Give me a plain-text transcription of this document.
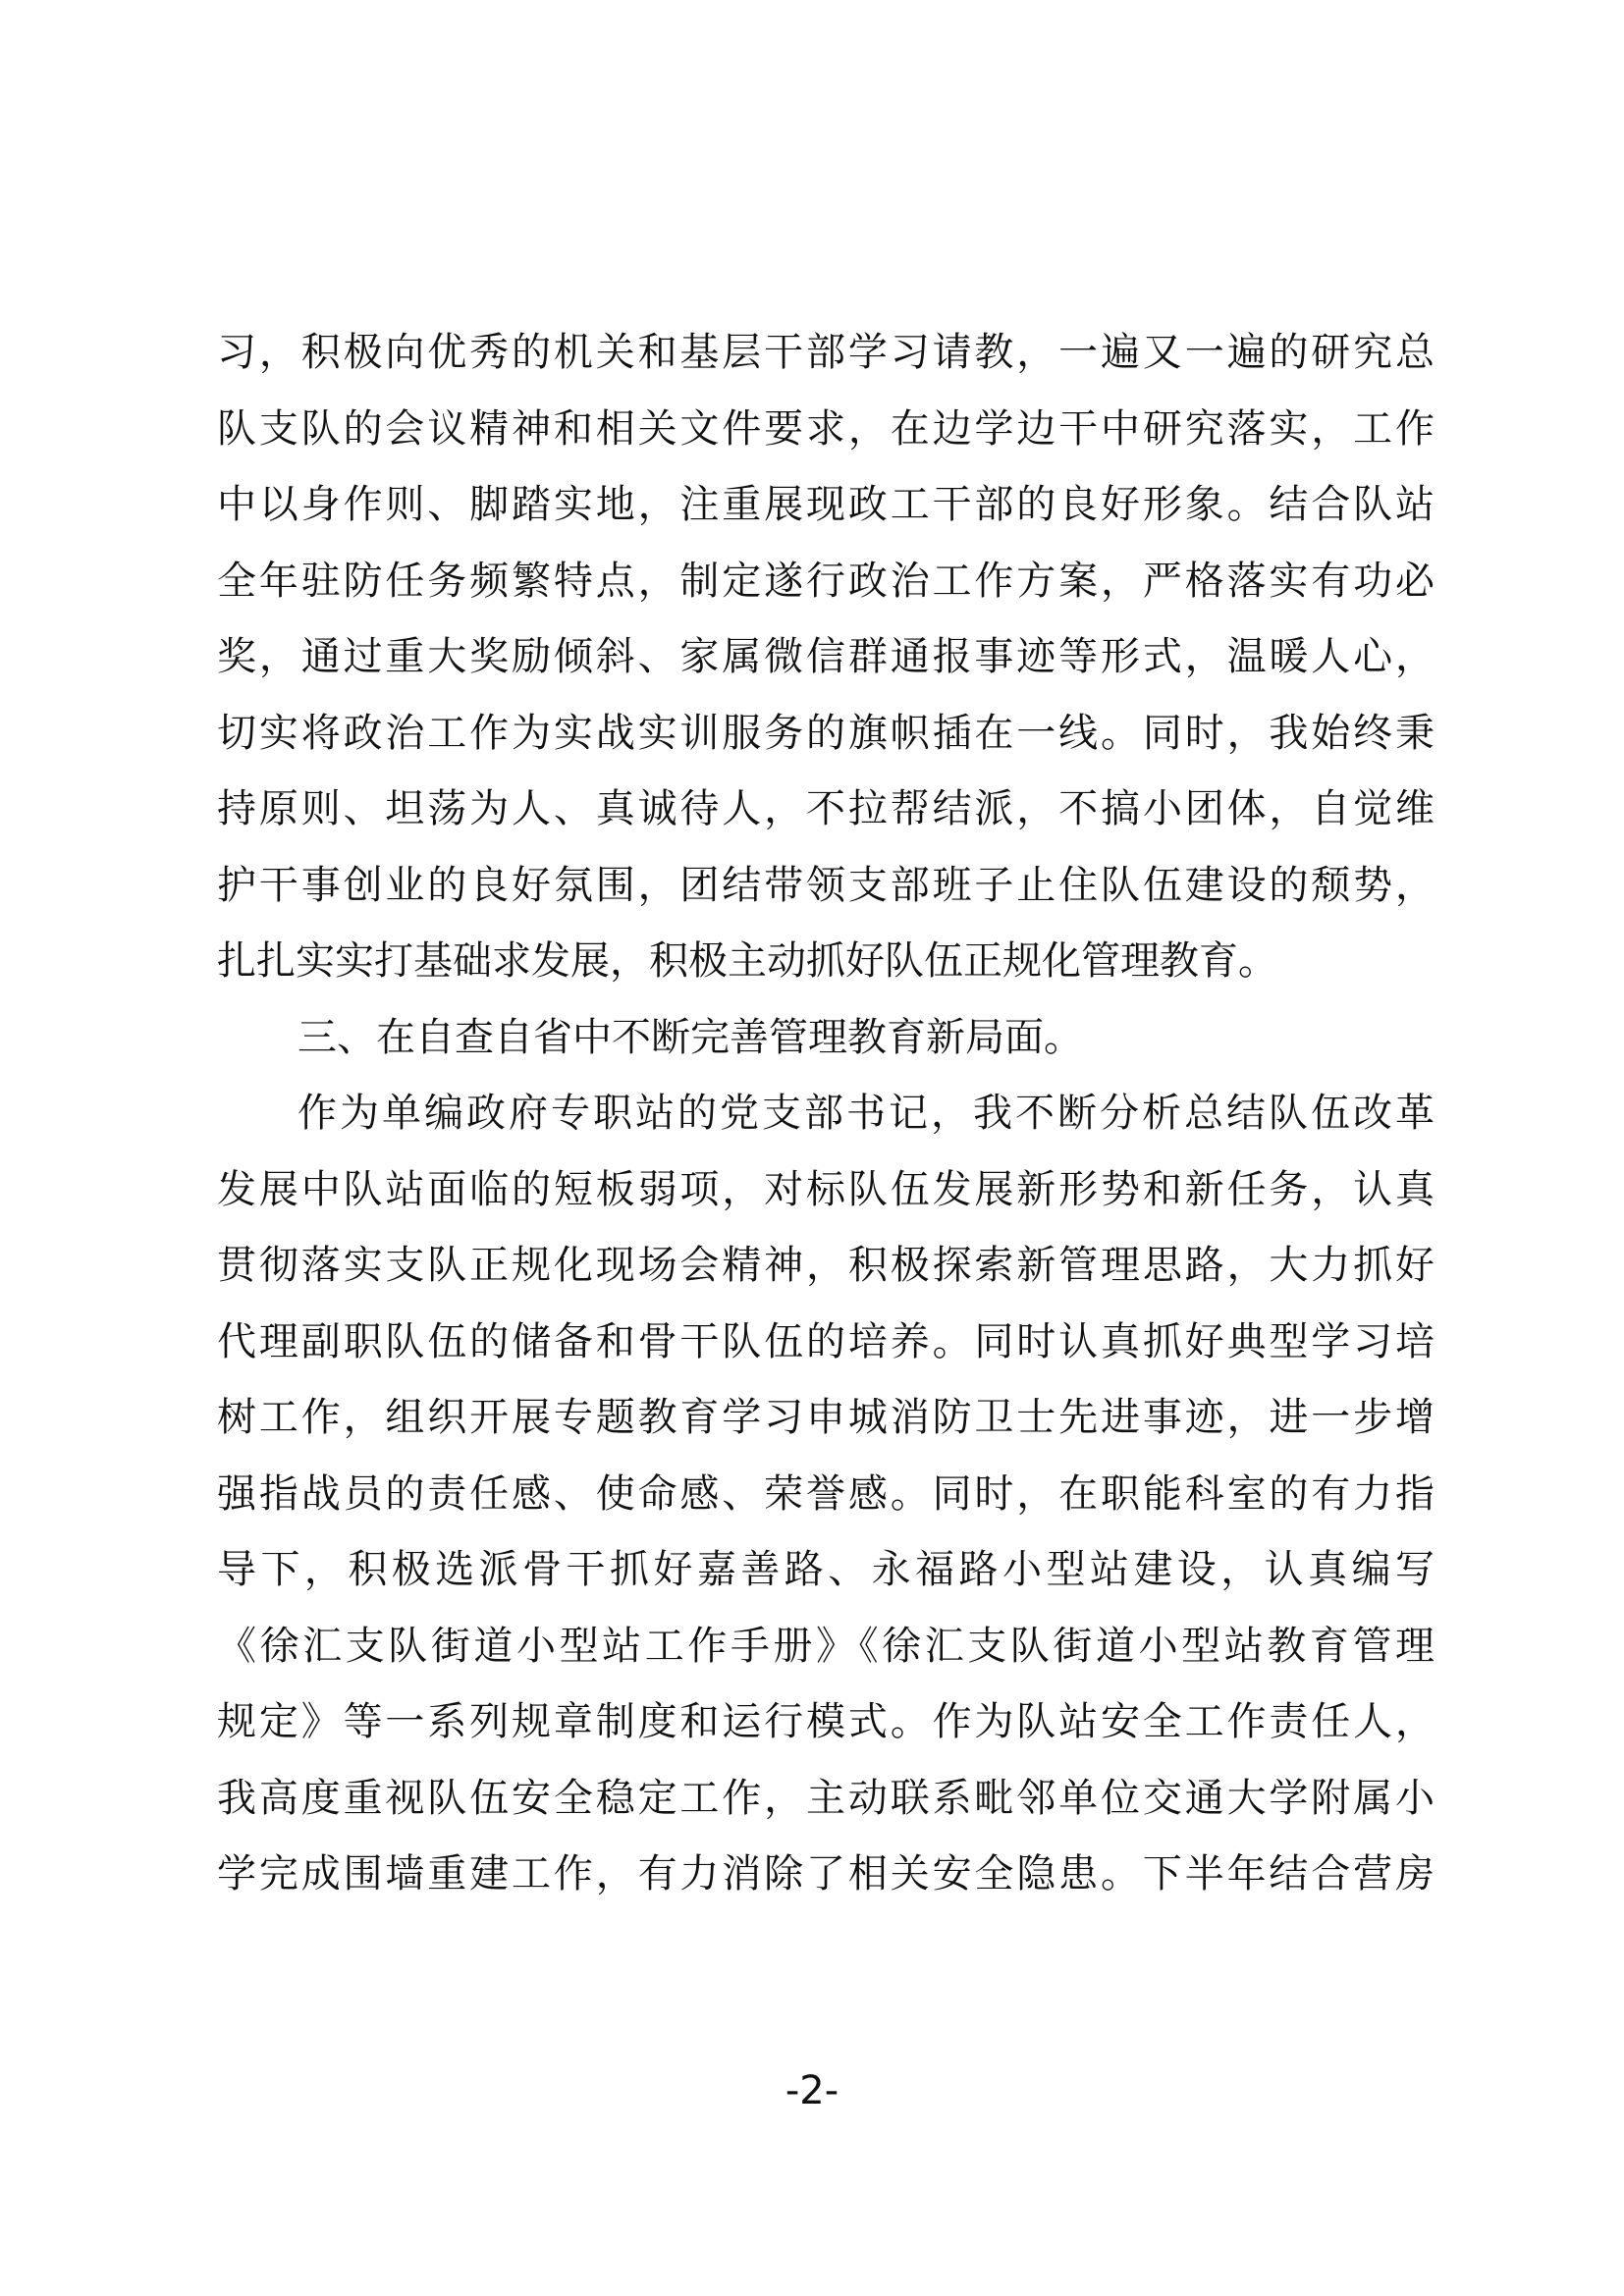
习，积极向优秀的机关和基层干部学习请教，一遍又一遍的研究总
队支队的会议精神和相关文件要求，在边学边干中研究落实，工作
中以身作则、脚踏实地，注重展现政工干部的良好形象。结合队站
全年驻防任务频繁特点，制定遂行政治工作方案，严格落实有功必
奖，通过重大奖励倾斜、家属微信群通报事迹等形式，温暖人心，
切实将政治工作为实战实训服务的旗帜插在一线。同时，我始终秉
持原则、坦荡为人、真诚待人，不拉帮结派，不搞小团体，自觉维
护干事创业的良好氛围，团结带领支部班子止住队伍建设的颓势，
扎扎实实打基础求发展，积极主动抓好队伍正规化管理教育。
三、在自查自省中不断完善管理教育新局面。
作为单编政府专职站的党支部书记，我不断分析总结队伍改革
发展中队站面临的短板弱项，对标队伍发展新形势和新任务，认真
贯彻落实支队正规化现场会精神，积极探索新管理思路，大力抓好
代理副职队伍的储备和骨干队伍的培养。同时认真抓好典型学习培
树工作，组织开展专题教育学习申城消防卫士先进事迹，进一步增
强指战员的责任感、使命感、荣誉感。同时，在职能科室的有力指
导下，积极选派骨干抓好嘉善路、永福路小型站建设，认真编写
《徐汇支队街道小型站工作手册》《徐汇支队街道小型站教育管理
规定》等一系列规章制度和运行模式。作为队站安全工作责任人，
我高度重视队伍安全稳定工作，主动联系毗邻单位交通大学附属小
学完成围墙重建工作，有力消除了相关安全隐患。下半年结合营房
-2-
